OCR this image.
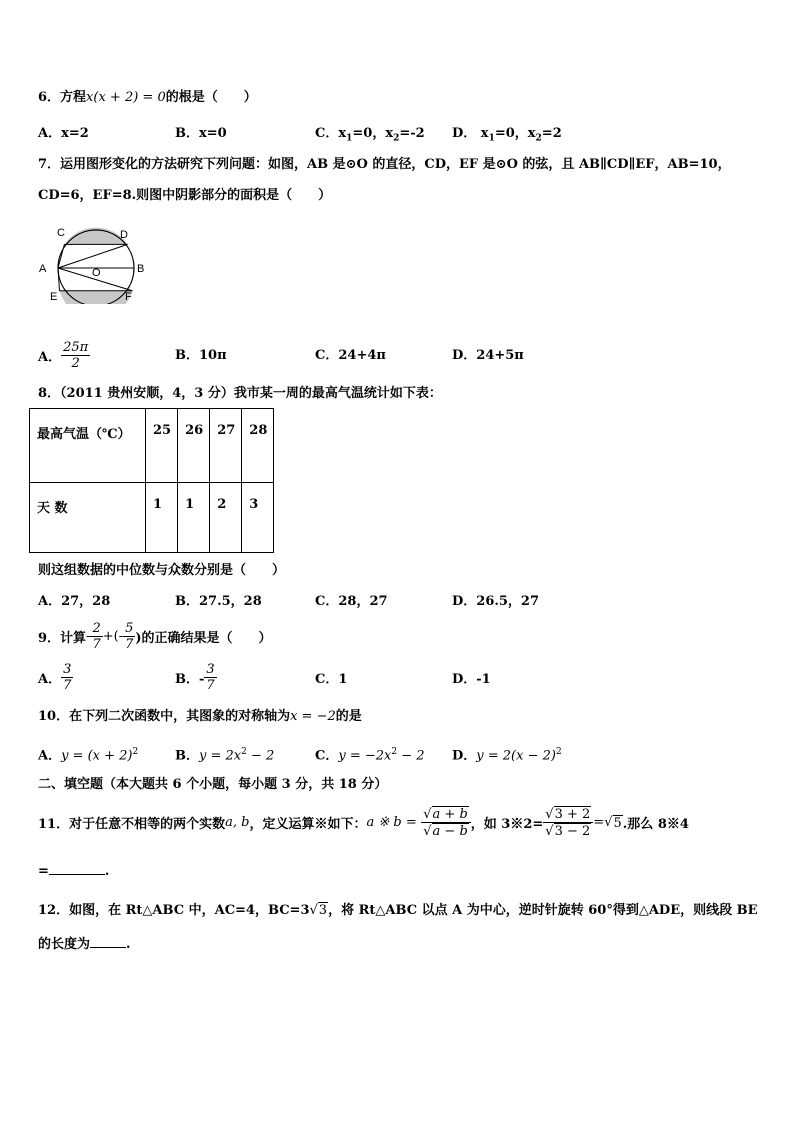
6．方程x(x + 2) = 0的根是（　　）
A．x=2	B．x=0	C．$x_1=0$，$x_2=-2$ D． $x_1=0$，$x_2=2$
7．运用图形变化的方法研究下列问题：如图，AB 是⊙O 的直径，CD，EF 是⊙O 的弦，且 AB∥CD∥EF，AB=10，
CD=6，EF=8.则图中阴影部分的面积是（　　）
C	D
A	O	B
E	F
A． $\frac{25\pi}{2}$	B．10π	C．24+4π	D．24+5π
8．（2011 贵州安顺，4，3 分）我市某一周的最高气温统计如下表：
最高气温（℃）	25	26	27	28
天 数	1	1	2	3
则这组数据的中位数与众数分别是（　　）
A．27，28	B．27.5，28	C．28，27	D．26.5，27
9．计算- $\frac{2}{7}$ +(- $\frac{5}{7}$ )的正确结果是（　　）
A． $\frac{3}{7}$	B．- $\frac{3}{7}$	C．1	D．-1
10．在下列二次函数中，其图象的对称轴为x = −2的是
A．$y = (x + 2)^2$	B．$y = 2x^2 - 2$	C．$y = -2x^2 - 2$ D．$y = 2(x - 2)^2$
二、填空题（本大题共 6 个小题，每小题 3 分，共 18 分）
11．对于任意不相等的两个实数a, b，定义运算※如下：a ※ $b = \frac{√a + b}{√a - b}$ ，如 3※2= $\frac{√3 + 2}{√3 - 2} =√5$.那么 8※4
=	.
12．如图，在 Rt△ABC 中，AC=4，BC=3√3，将 Rt△ABC 以点 A 为中心，逆时针旋转 60°得到△ADE，则线段 BE
的长度为	.
